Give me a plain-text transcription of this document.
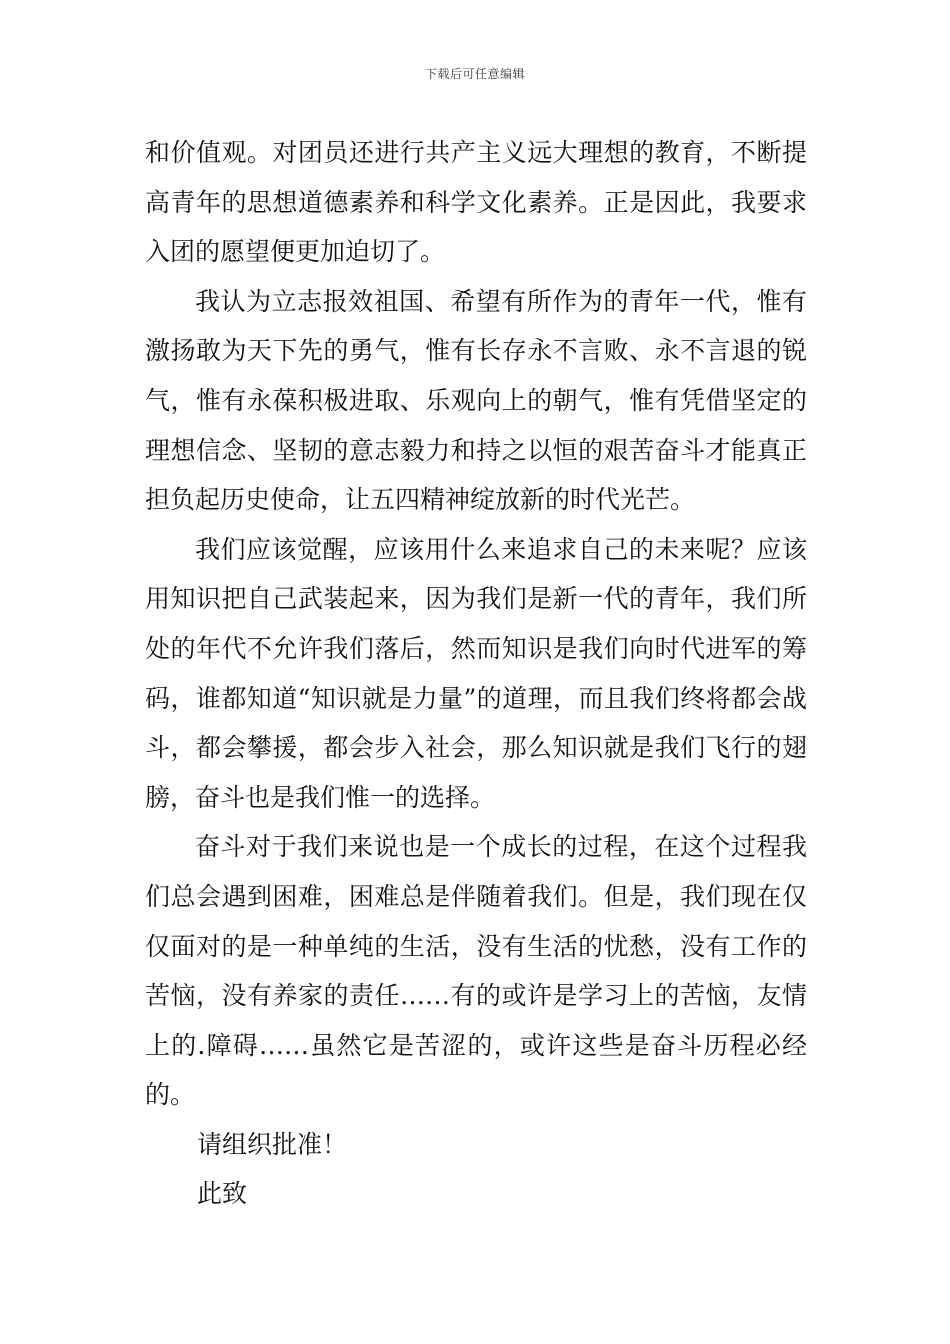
下载后可任意编辑

和价值观。对团员还进行共产主义远大理想的教育，不断提高青年的思想道德素养和科学文化素养。正是因此，我要求入团的愿望便更加迫切了。

我认为立志报效祖国、希望有所作为的青年一代，惟有激扬敢为天下先的勇气，惟有长存永不言败、永不言退的锐气，惟有永葆积极进取、乐观向上的朝气，惟有凭借坚定的理想信念、坚韧的意志毅力和持之以恒的艰苦奋斗才能真正担负起历史使命，让五四精神绽放新的时代光芒。

我们应该觉醒，应该用什么来追求自己的未来呢？应该用知识把自己武装起来，因为我们是新一代的青年，我们所处的年代不允许我们落后，然而知识是我们向时代进军的筹码，谁都知道“知识就是力量”的道理，而且我们终将都会战斗，都会攀援，都会步入社会，那么知识就是我们飞行的翅膀，奋斗也是我们惟一的选择。

奋斗对于我们来说也是一个成长的过程，在这个过程我们总会遇到困难，困难总是伴随着我们。但是，我们现在仅仅面对的是一种单纯的生活，没有生活的忧愁，没有工作的苦恼，没有养家的责任……有的或许是学习上的苦恼，友情上的.障碍……虽然它是苦涩的，或许这些是奋斗历程必经的。

请组织批准！

此致
